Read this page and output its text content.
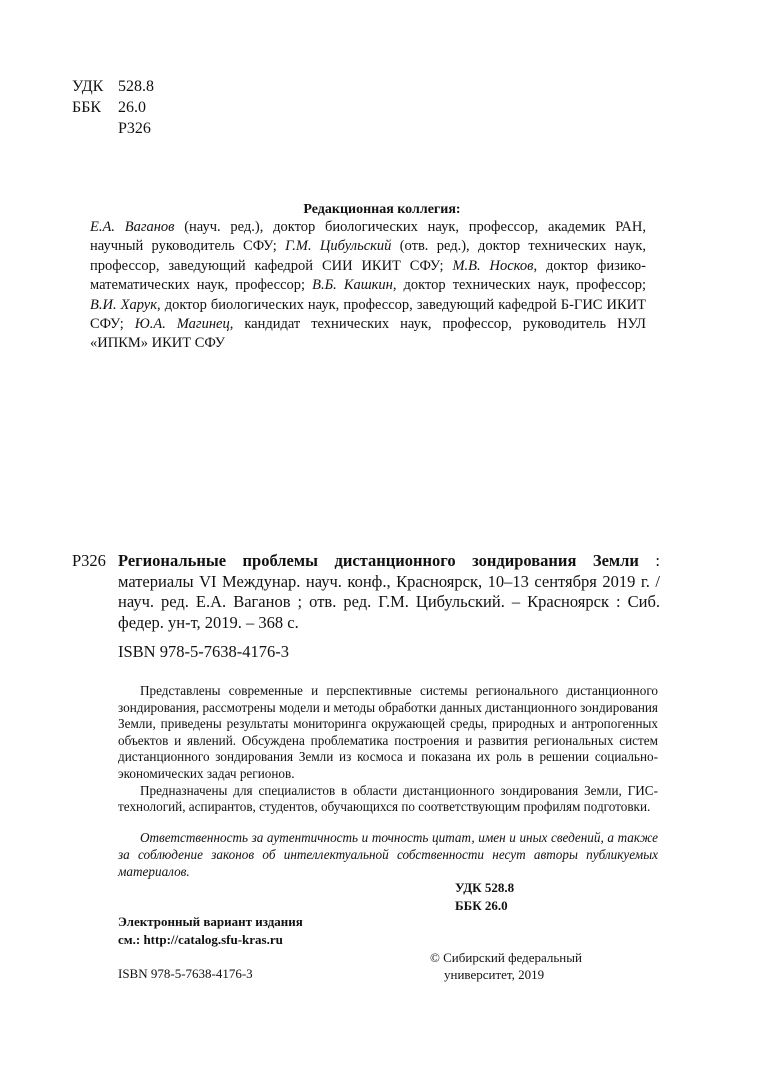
УДК 528.8
ББК	26.0
Р326
Редакционная коллегия:
Е.А. Ваганов (науч. ред.), доктор биологических наук, профессор, академик РАН, научный руководитель СФУ; Г.М. Цибульский (отв. ред.), доктор технических наук, профессор, заведующий кафедрой СИИ ИКИТ СФУ; М.В. Носков, доктор физико-математических наук, профессор; В.Б. Кашкин, доктор технических наук, профессор; В.И. Харук, доктор биологических наук, профессор, заведующий кафедрой Б-ГИС ИКИТ СФУ; Ю.А. Магинец, кандидат технических наук, профессор, руководитель НУЛ «ИПКМ» ИКИТ СФУ
Р326 Региональные проблемы дистанционного зондирования Земли : материалы VI Междунар. науч. конф., Красноярск, 10–13 сентября 2019 г. / науч. ред. Е.А. Ваганов ; отв. ред. Г.М. Цибульский. – Красноярск : Сиб. федер. ун-т, 2019. – 368 с.
ISBN 978-5-7638-4176-3

Представлены современные и перспективные системы регионального дистанционного зондирования, рассмотрены модели и методы обработки данных дистанционного зондирования Земли, приведены результаты мониторинга окружающей среды, природных и антропогенных объектов и явлений. Обсуждена проблематика построения и развития региональных систем дистанционного зондирования Земли из космоса и показана их роль в решении социально-экономических задач регионов.

Предназначены для специалистов в области дистанционного зондирования Земли, ГИС-технологий, аспирантов, студентов, обучающихся по соответствующим профилям подготовки.

Ответственность за аутентичность и точность цитат, имен и иных сведений, а также за соблюдение законов об интеллектуальной собственности несут авторы публикуемых материалов.

УДК 528.8
ББК 26.0
Электронный вариант издания
см.: http://catalog.sfu-kras.ru
© Сибирский федеральный
университет, 2019
ISBN 978-5-7638-4176-3
